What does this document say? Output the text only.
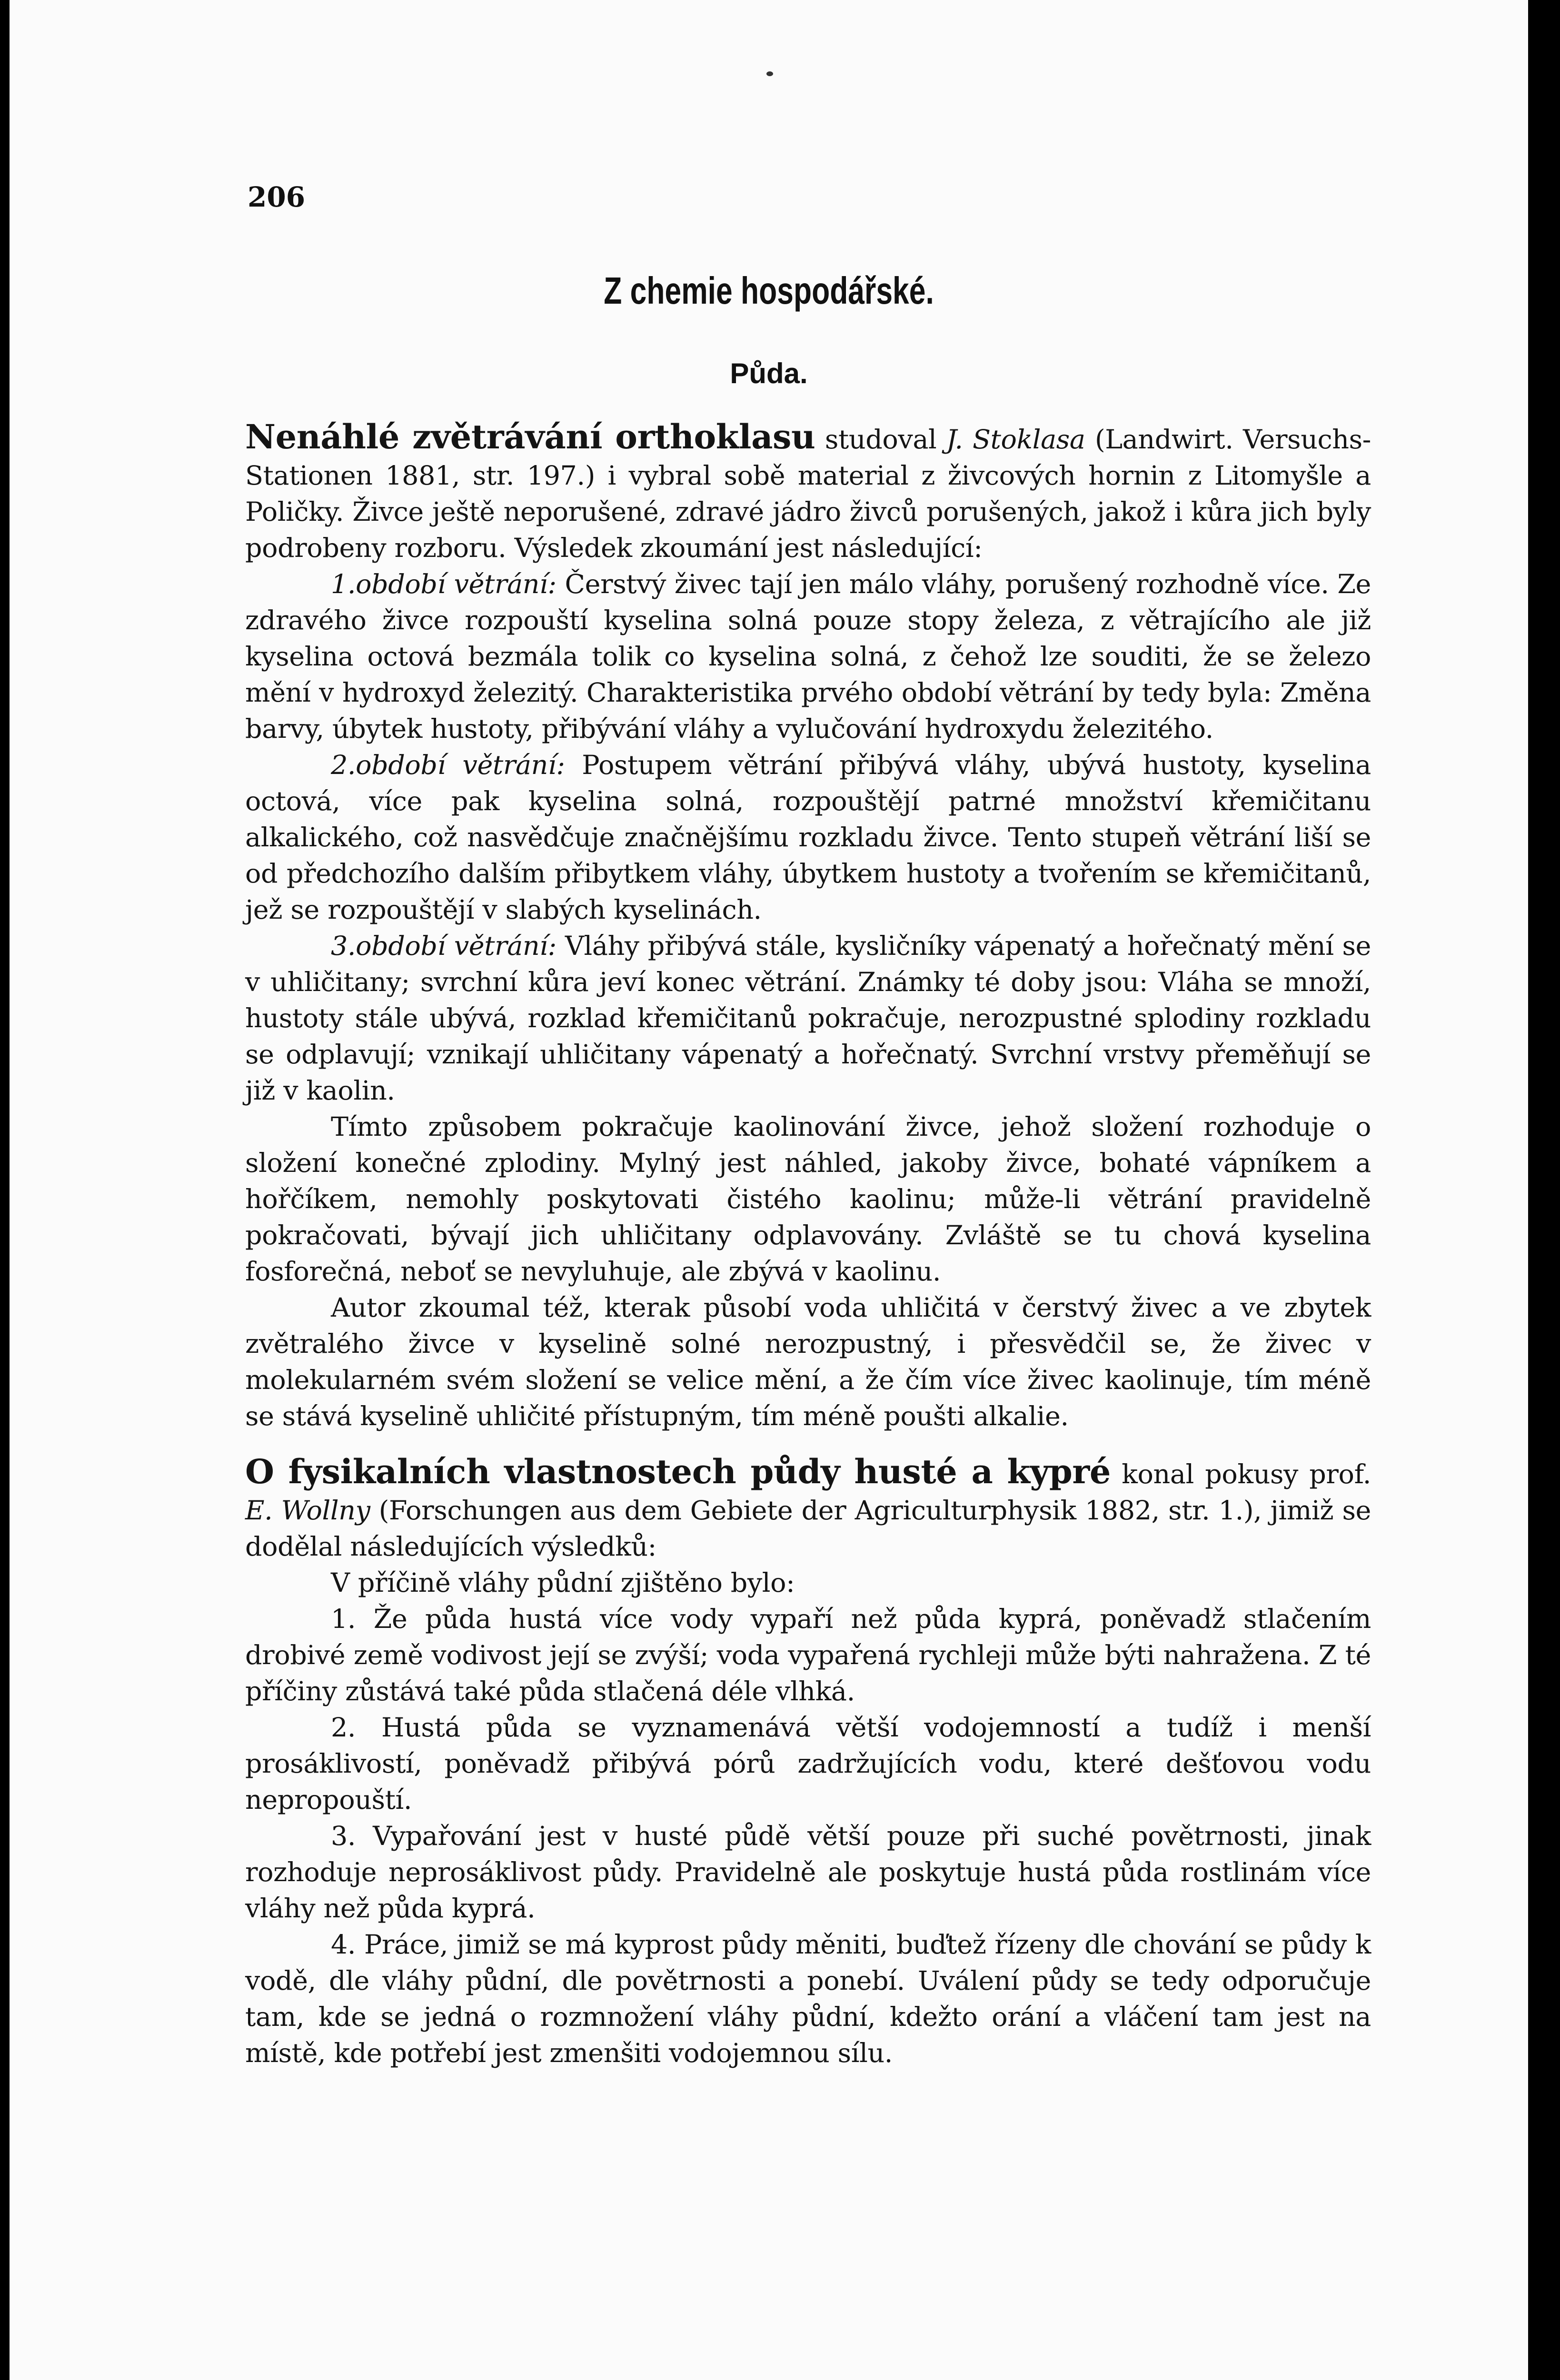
206
Z chemie hospodářské.
Půda.

Nenáhlé zvětrávání orthoklasu studoval J. Stoklasa (Landwirt. Versuchs-Stationen 1881, str. 197.) i vybral sobě material z živcových hornin z Litomyšle a Poličky. Živce ještě neporušené, zdravé jádro živců porušených, jakož i kůra jich byly podrobeny rozboru. Výsledek zkoumání jest následující:

1.období větrání: Čerstvý živec tají jen málo vláhy, porušený rozhodně více. Ze zdravého živce rozpouští kyselina solná pouze stopy železa, z větrajícího ale již kyselina octová bezmála tolik co kyselina solná, z čehož lze souditi, že se železo mění v hydroxyd železitý. Charakteristika prvého období větrání by tedy byla: Změna barvy, úbytek hustoty, přibývání vláhy a vylučování hydroxydu železitého.

2.období větrání: Postupem větrání přibývá vláhy, ubývá hustoty, kyselina octová, více pak kyselina solná, rozpouštějí patrné množství křemičitanu alkalického, což nasvědčuje značnějšímu rozkladu živce. Tento stupeň větrání liší se od předchozího dalším přibytkem vláhy, úbytkem hustoty a tvořením se křemičitanů, jež se rozpouštějí v slabých kyselinách.

3.období větrání: Vláhy přibývá stále, kysličníky vápenatý a hořečnatý mění se v uhličitany; svrchní kůra jeví konec větrání. Známky té doby jsou: Vláha se množí, hustoty stále ubývá, rozklad křemičitanů pokračuje, nerozpustné splodiny rozkladu se odplavují; vznikají uhličitany vápenatý a hořečnatý. Svrchní vrstvy přeměňují se již v kaolin.

Tímto způsobem pokračuje kaolinování živce, jehož složení rozhoduje o složení konečné zplodiny. Mylný jest náhled, jakoby živce, bohaté vápníkem a hořčíkem, nemohly poskytovati čistého kaolinu; může-li větrání pravidelně pokračovati, bývají jich uhličitany odplavovány. Zvláště se tu chová kyselina fosforečná, neboť se nevyluhuje, ale zbývá v kaolinu.

Autor zkoumal též, kterak působí voda uhličitá v čerstvý živec a ve zbytek zvětralého živce v kyselině solné nerozpustný, i přesvědčil se, že živec v molekularném svém složení se velice mění, a že čím více živec kaolinuje, tím méně se stává kyselině uhličité přístupným, tím méně poušti alkalie.

O fysikalních vlastnostech půdy husté a kypré konal pokusy prof. E. Wollny (Forschungen aus dem Gebiete der Agriculturphysik 1882, str. 1.), jimiž se dodělal následujících výsledků:

V příčině vláhy půdní zjištěno bylo:

1. Že půda hustá více vody vypaří než půda kyprá, poněvadž stlačením drobivé země vodivost její se zvýší; voda vypařená rychleji může býti nahražena. Z té příčiny zůstává také půda stlačená déle vlhká.

2. Hustá půda se vyznamenává větší vodojemností a tudíž i menší prosáklivostí, poněvadž přibývá pórů zadržujících vodu, které dešťovou vodu nepropouští.

3. Vypařování jest v husté půdě větší pouze při suché povětrnosti, jinak rozhoduje neprosáklivost půdy. Pravidelně ale poskytuje hustá půda rostlinám více vláhy než půda kyprá.

4. Práce, jimiž se má kyprost půdy měniti, buďtež řízeny dle chování se půdy k vodě, dle vláhy půdní, dle povětrnosti a ponebí. Uválení půdy se tedy odporučuje tam, kde se jedná o rozmnožení vláhy půdní, kdežto orání a vláčení tam jest na místě, kde potřebí jest zmenšiti vodojemnou sílu.
